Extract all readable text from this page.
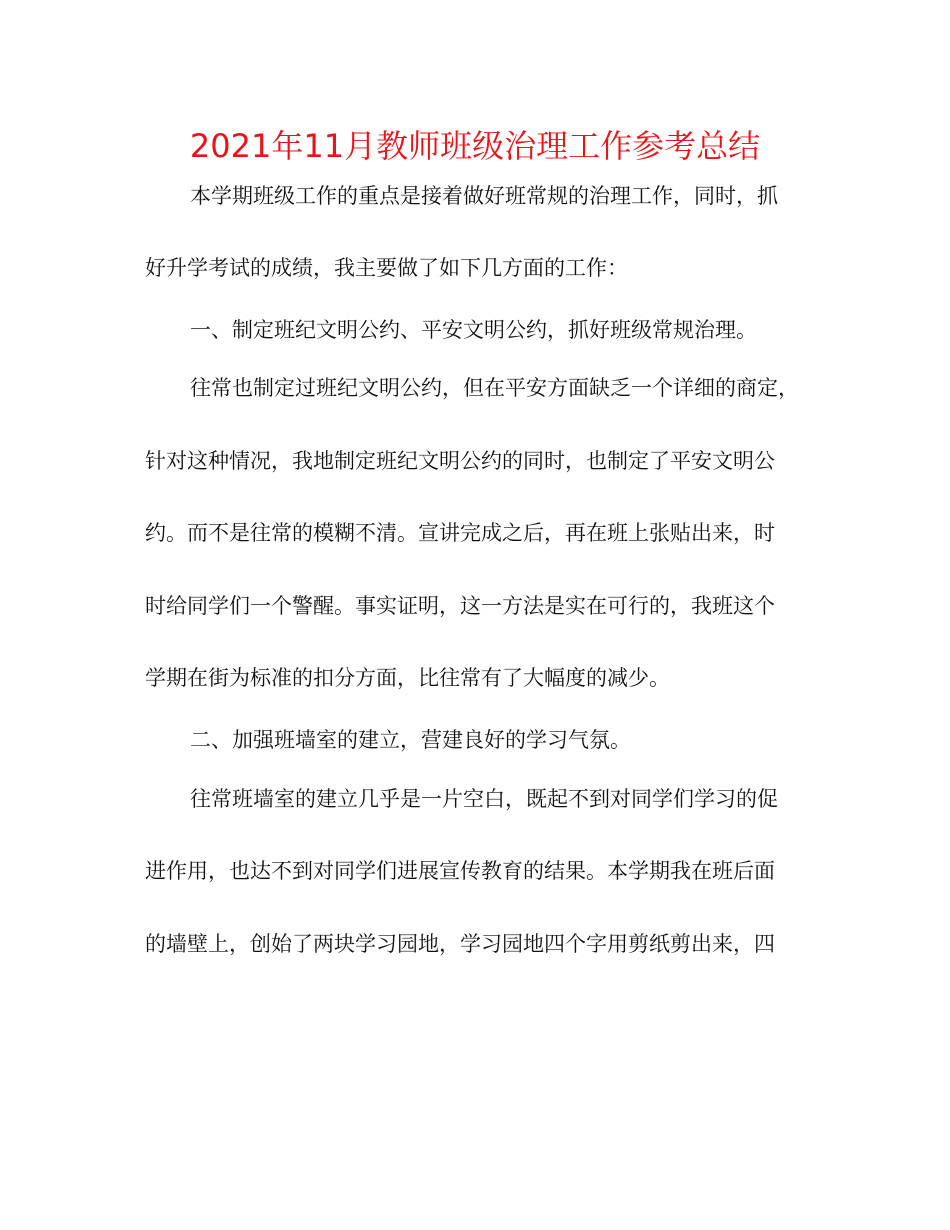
2021年11月教师班级治理工作参考总结
本学期班级工作的重点是接着做好班常规的治理工作，同时，抓
好升学考试的成绩，我主要做了如下几方面的工作：
一、制定班纪文明公约、平安文明公约，抓好班级常规治理。
往常也制定过班纪文明公约，但在平安方面缺乏一个详细的商定，
针对这种情况，我地制定班纪文明公约的同时，也制定了平安文明公
约。而不是往常的模糊不清。宣讲完成之后，再在班上张贴出来，时
时给同学们一个警醒。事实证明，这一方法是实在可行的，我班这个
学期在街为标准的扣分方面，比往常有了大幅度的减少。
二、加强班墙室的建立，营建良好的学习气氛。
往常班墙室的建立几乎是一片空白，既起不到对同学们学习的促
进作用，也达不到对同学们进展宣传教育的结果。本学期我在班后面
的墙壁上，创始了两块学习园地，学习园地四个字用剪纸剪出来，四
